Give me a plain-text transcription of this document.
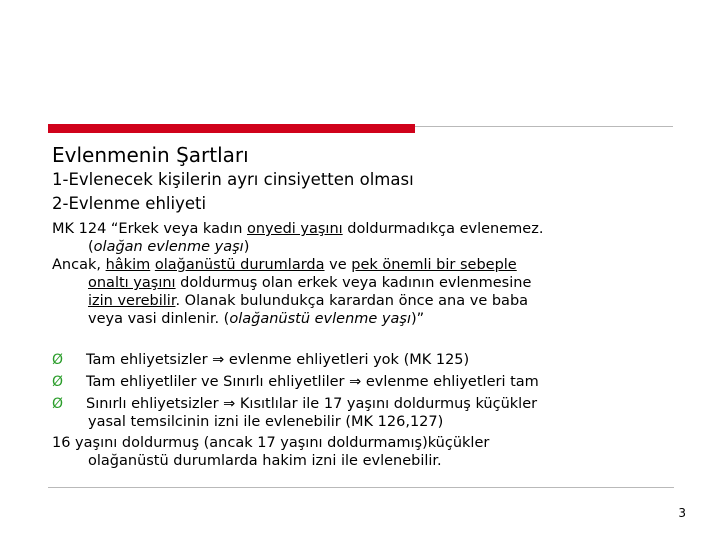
Evlenmenin Şartları
1-Evlenecek kişilerin ayrı cinsiyetten olması
2-Evlenme ehliyeti
MK 124 “Erkek veya kadın onyedi yaşını doldurmadıkça evlenemez.
(olağan evlenme yaşı)
Ancak, hâkim olağanüstü durumlarda ve pek önemli bir sebeple
onaltı yaşını doldurmuş olan erkek veya kadının evlenmesine
izin verebilir. Olanak bulundukça karardan önce ana ve baba
veya vasi dinlenir. (olağanüstü evlenme yaşı)”
Ø Tam ehliyetsizler ⇒ evlenme ehliyetleri yok (MK 125)
Ø Tam ehliyetliler ve Sınırlı ehliyetliler ⇒ evlenme ehliyetleri tam
Ø Sınırlı ehliyetsizler ⇒ Kısıtlılar ile 17 yaşını doldurmuş küçükler
yasal temsilcinin izni ile evlenebilir (MK 126,127)
16 yaşını doldurmuş (ancak 17 yaşını doldurmamış)küçükler
olağanüstü durumlarda hakim izni ile evlenebilir.
3
